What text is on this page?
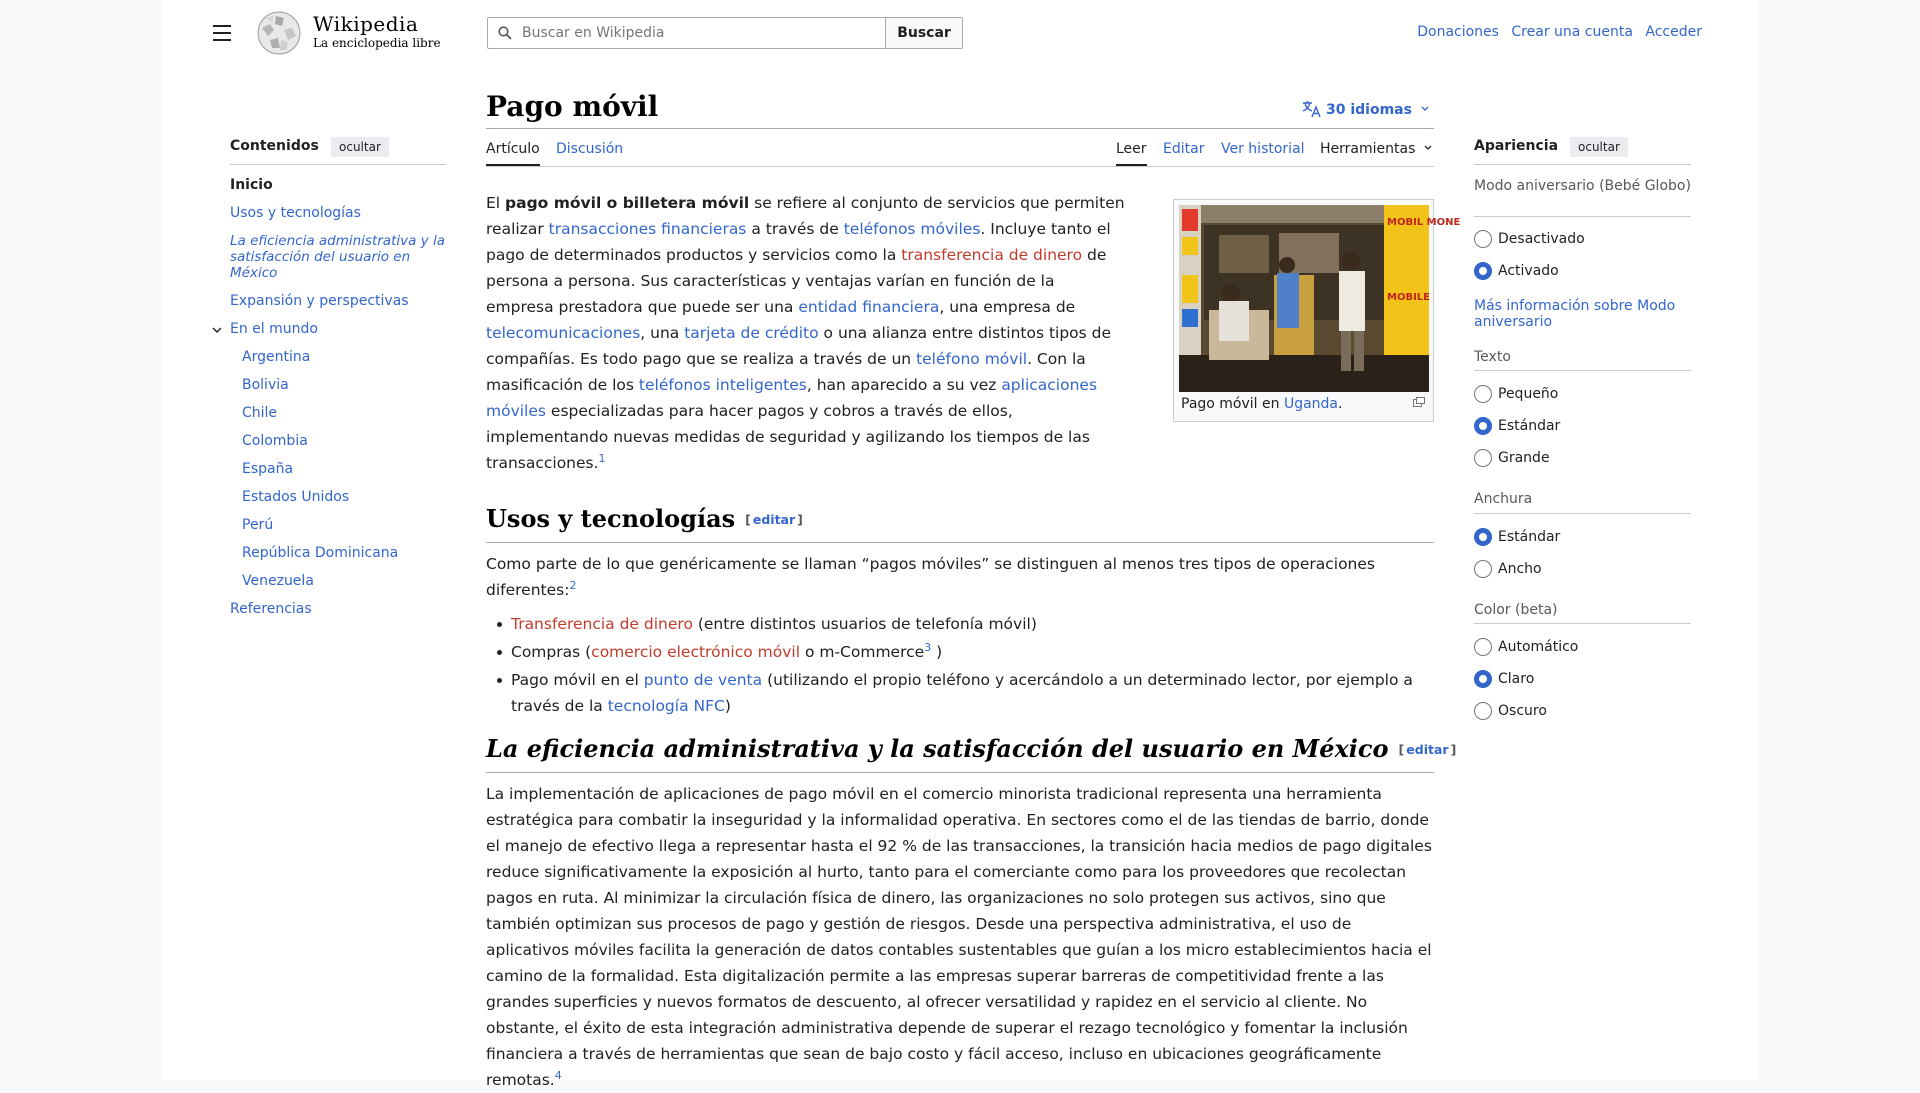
Wikipedia
La enciclopedia libre
Buscar en Wikipedia
Buscar	Donaciones Crear una cuenta Acceder
Contenidos	ocultar
Inicio
Usos y tecnologías
La eficiencia administrativa y la satisfacción del usuario en México
Expansión y perspectivas
En el mundo
Argentina
Bolivia
Chile
Colombia
España
Estados Unidos
Perú
República Dominicana
Venezuela
Referencias
Pago móvil	30 idiomas
Artículo Discusión	Leer Editar Ver historial Herramientas

El pago móvil o billetera móvil se refiere al conjunto de servicios que permiten realizar transacciones financieras a través de teléfonos móviles. Incluye tanto el pago de determinados productos y servicios como la transferencia de dinero de persona a persona. Sus características y ventajas varían en función de la empresa prestadora que puede ser una entidad financiera, una empresa de telecomunicaciones, una tarjeta de crédito o una alianza entre distintos tipos de compañías. Es todo pago que se realiza a través de un teléfono móvil. Con la masificación de los teléfonos inteligentes, han aparecido a su vez aplicaciones móviles especializadas para hacer pagos y cobros a través de ellos, implementando nuevas medidas de seguridad y agilizando los tiempos de las transacciones.$^1$

MOBIL MONE
MOBILE
Pago móvil en Uganda.
Usos y tecnologías [ editar ]

Como parte de lo que genéricamente se llaman “pagos móviles” se distinguen al menos tres tipos de operaciones diferentes:$^2$

Transferencia de dinero (entre distintos usuarios de telefonía móvil)
Compras (comercio electrónico móvil o m-Commerce$^3$ )
Pago móvil en el punto de venta (utilizando el propio teléfono y acercándolo a un determinado lector, por ejemplo a través de la tecnología NFC)
La eficiencia administrativa y la satisfacción del usuario en México [ editar ]

La implementación de aplicaciones de pago móvil en el comercio minorista tradicional representa una herramienta estratégica para combatir la inseguridad y la informalidad operativa. En sectores como el de las tiendas de barrio, donde el manejo de efectivo llega a representar hasta el 92 % de las transacciones, la transición hacia medios de pago digitales reduce significativamente la exposición al hurto, tanto para el comerciante como para los proveedores que recolectan pagos en ruta. Al minimizar la circulación física de dinero, las organizaciones no solo protegen sus activos, sino que también optimizan sus procesos de pago y gestión de riesgos. Desde una perspectiva administrativa, el uso de aplicativos móviles facilita la generación de datos contables sustentables que guían a los micro establecimientos hacia el camino de la formalidad. Esta digitalización permite a las empresas superar barreras de competitividad frente a las grandes superficies y nuevos formatos de descuento, al ofrecer versatilidad y rapidez en el servicio al cliente. No obstante, el éxito de esta integración administrativa depende de superar el rezago tecnológico y fomentar la inclusión financiera a través de herramientas que sean de bajo costo y fácil acceso, incluso en ubicaciones geográficamente remotas.$^4$

Apariencia	ocultar
Modo aniversario (Bebé Globo)
Desactivado
Activado
Más información sobre Modo aniversario
Texto
Pequeño
Estándar
Grande
Anchura
Estándar
Ancho
Color (beta)
Automático
Claro
Oscuro
